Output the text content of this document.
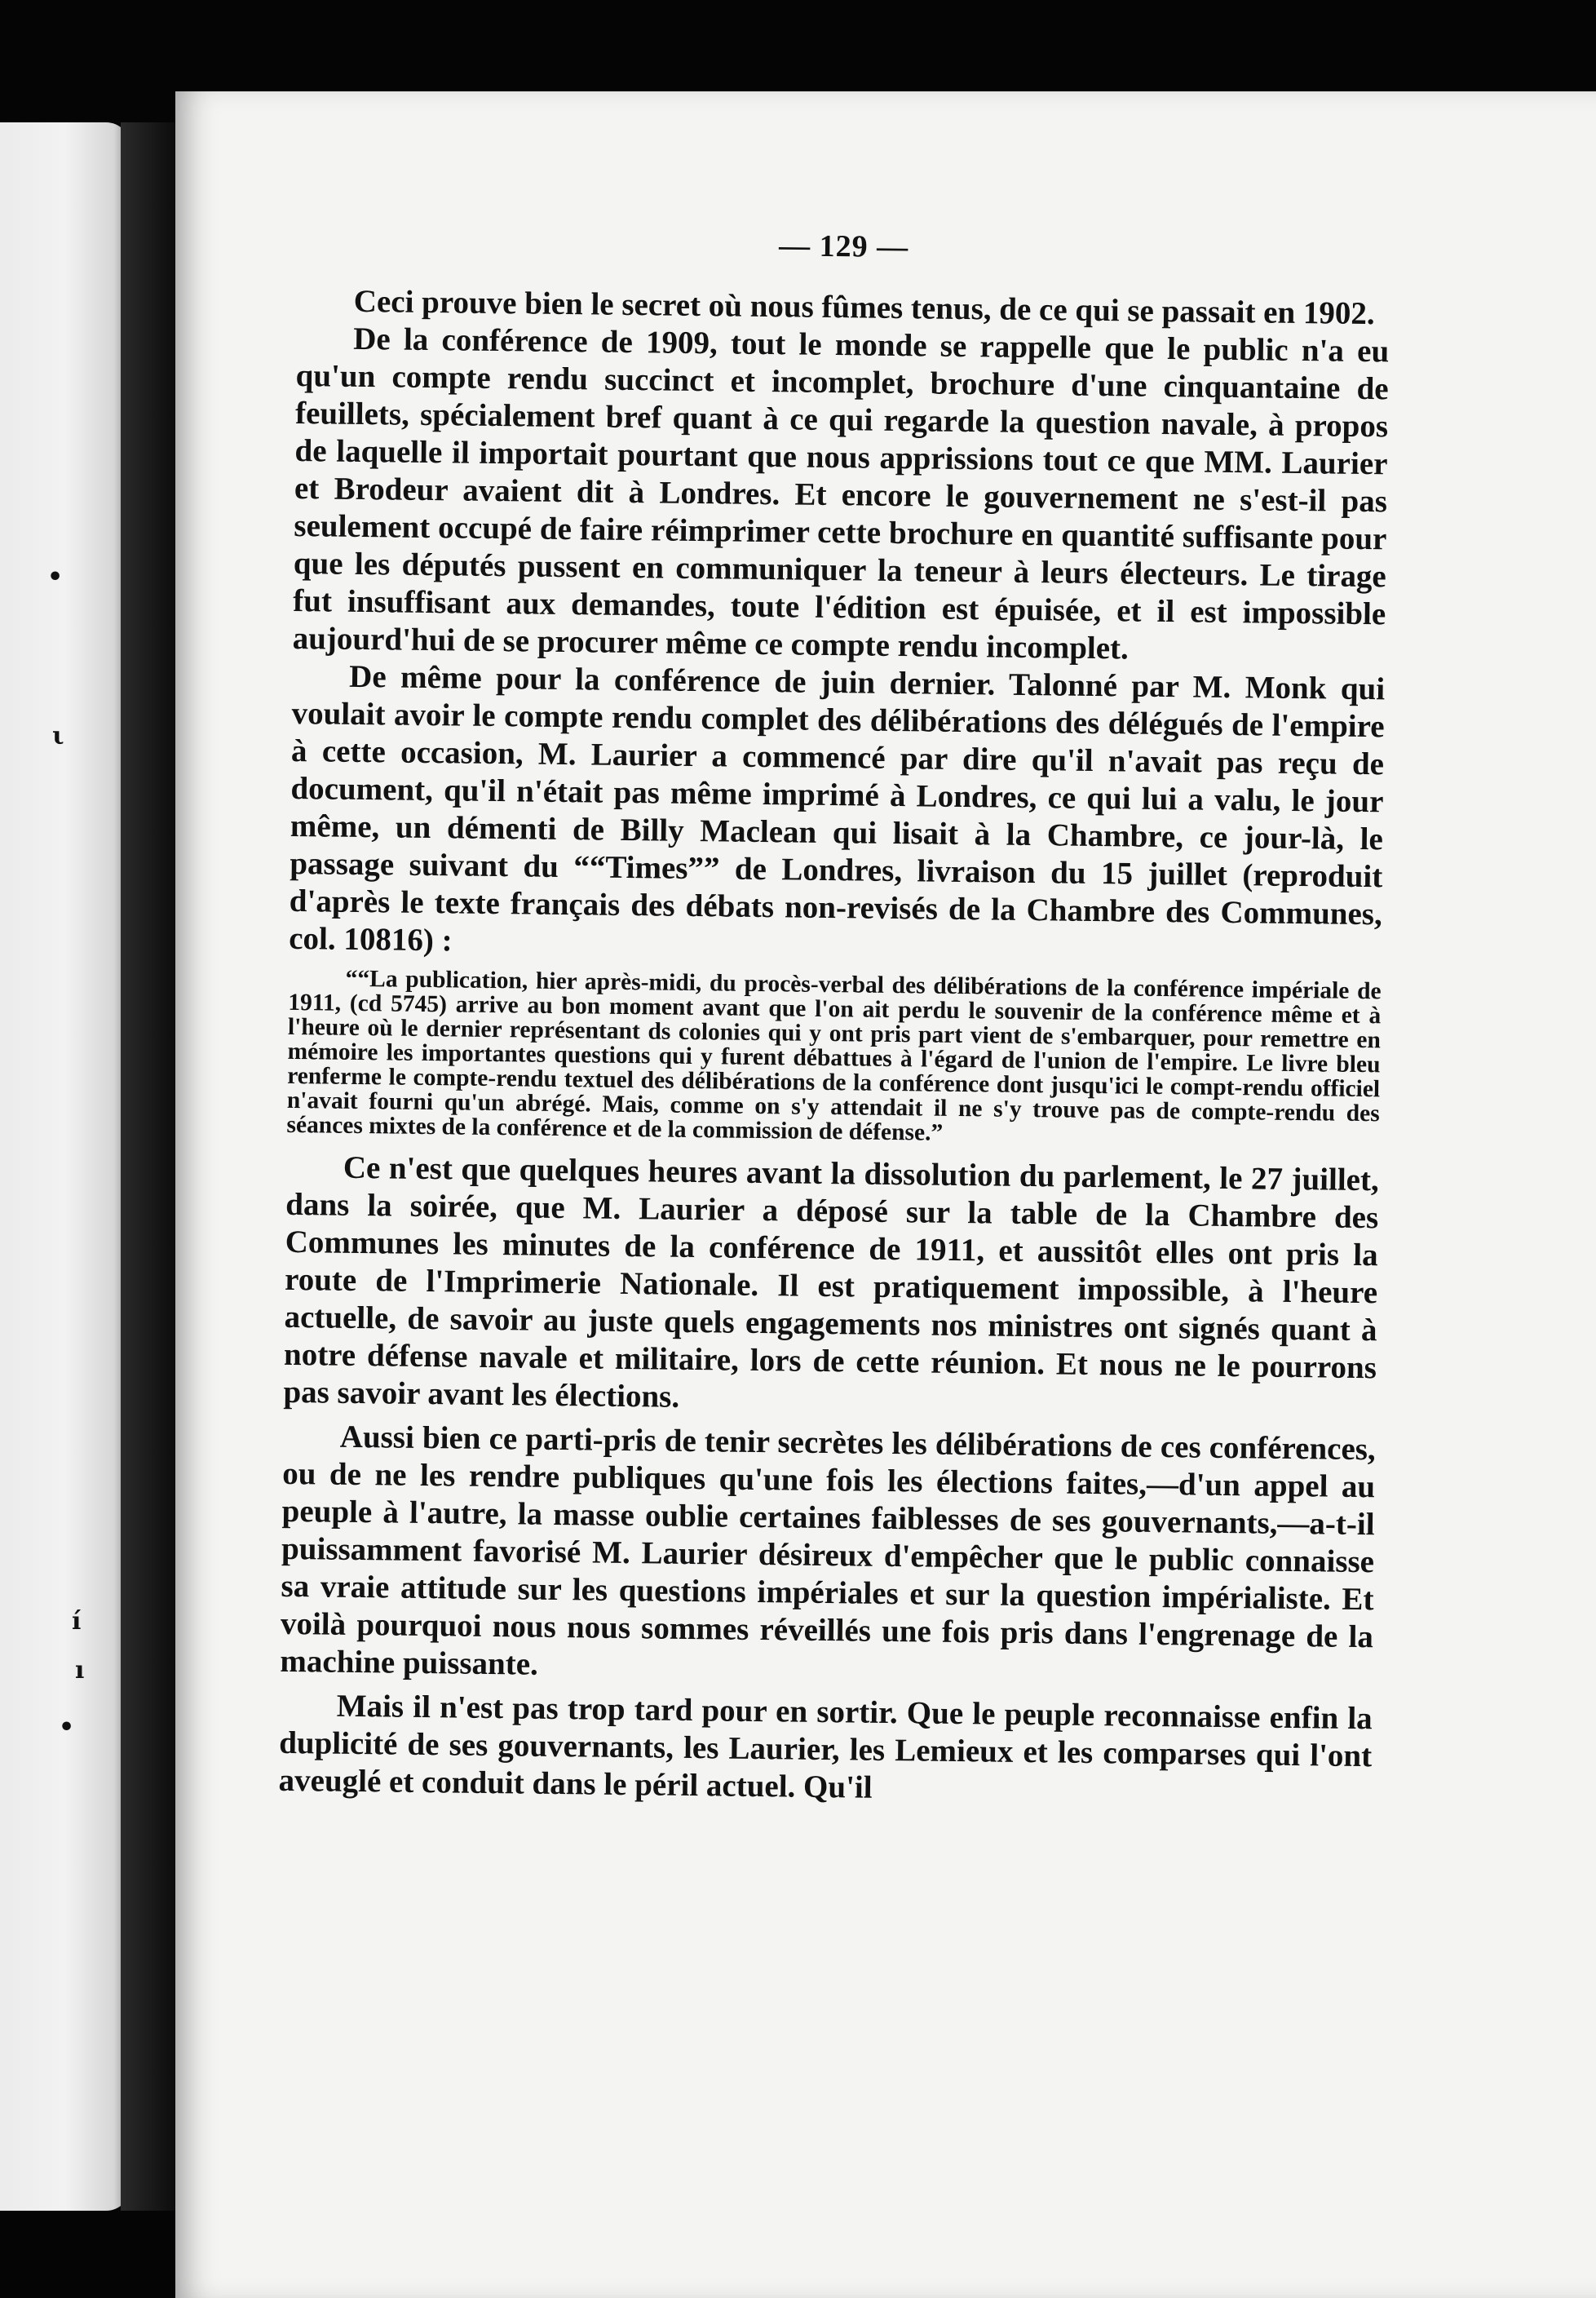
•
ι
í
ı
•
— 129 —

Ceci prouve bien le secret où nous fûmes tenus, de ce qui se passait en 1902.

De la conférence de 1909, tout le monde se rappelle que le public n'a eu qu'un compte rendu succinct et incomplet, brochure d'une cinquantaine de feuillets, spécialement bref quant à ce qui regarde la question navale, à propos de laquelle il importait pourtant que nous apprissions tout ce que MM. Laurier et Brodeur avaient dit à Londres. Et encore le gouvernement ne s'est-il pas seulement occupé de faire réimprimer cette brochure en quantité suffisante pour que les députés pussent en communiquer la teneur à leurs électeurs. Le tirage fut insuffisant aux demandes, toute l'édition est épuisée, et il est impossible aujourd'hui de se procurer même ce compte rendu incomplet.

De même pour la conférence de juin dernier. Talonné par M. Monk qui voulait avoir le compte rendu complet des délibérations des délégués de l'empire à cette occasion, M. Laurier a commencé par dire qu'il n'avait pas reçu de document, qu'il n'était pas même imprimé à Londres, ce qui lui a valu, le jour même, un démenti de Billy Maclean qui lisait à la Chambre, ce jour-là, le passage suivant du ““Times”” de Londres, livraison du 15 juillet (reproduit d'après le texte français des débats non-revisés de la Chambre des Communes, col. 10816) :

““La publication, hier après-midi, du procès-verbal des délibérations de la conférence impériale de 1911, (cd 5745) arrive au bon moment avant que l'on ait perdu le souvenir de la conférence même et à l'heure où le dernier représentant ds colonies qui y ont pris part vient de s'embarquer, pour remettre en mémoire les importantes questions qui y furent débattues à l'égard de l'union de l'empire. Le livre bleu renferme le compte-rendu textuel des délibérations de la conférence dont jusqu'ici le compt-rendu officiel n'avait fourni qu'un abrégé. Mais, comme on s'y attendait il ne s'y trouve pas de compte-rendu des séances mixtes de la conférence et de la commission de défense.”

Ce n'est que quelques heures avant la dissolution du parlement, le 27 juillet, dans la soirée, que M. Laurier a déposé sur la table de la Chambre des Communes les minutes de la conférence de 1911, et aussitôt elles ont pris la route de l'Imprimerie Nationale. Il est pratiquement impossible, à l'heure actuelle, de savoir au juste quels engagements nos ministres ont signés quant à notre défense navale et militaire, lors de cette réunion. Et nous ne le pourrons pas savoir avant les élections.

Aussi bien ce parti-pris de tenir secrètes les délibérations de ces conférences, ou de ne les rendre publiques qu'une fois les élections faites,—d'un appel au peuple à l'autre, la masse oublie certaines faiblesses de ses gouvernants,—a-t-il puissamment favorisé M. Laurier désireux d'empêcher que le public connaisse sa vraie attitude sur les questions impériales et sur la question impérialiste. Et voilà pourquoi nous nous sommes réveillés une fois pris dans l'engrenage de la machine puissante.

Mais il n'est pas trop tard pour en sortir. Que le peuple reconnaisse enfin la duplicité de ses gouvernants, les Laurier, les Lemieux et les comparses qui l'ont aveuglé et conduit dans le péril actuel. Qu'il
